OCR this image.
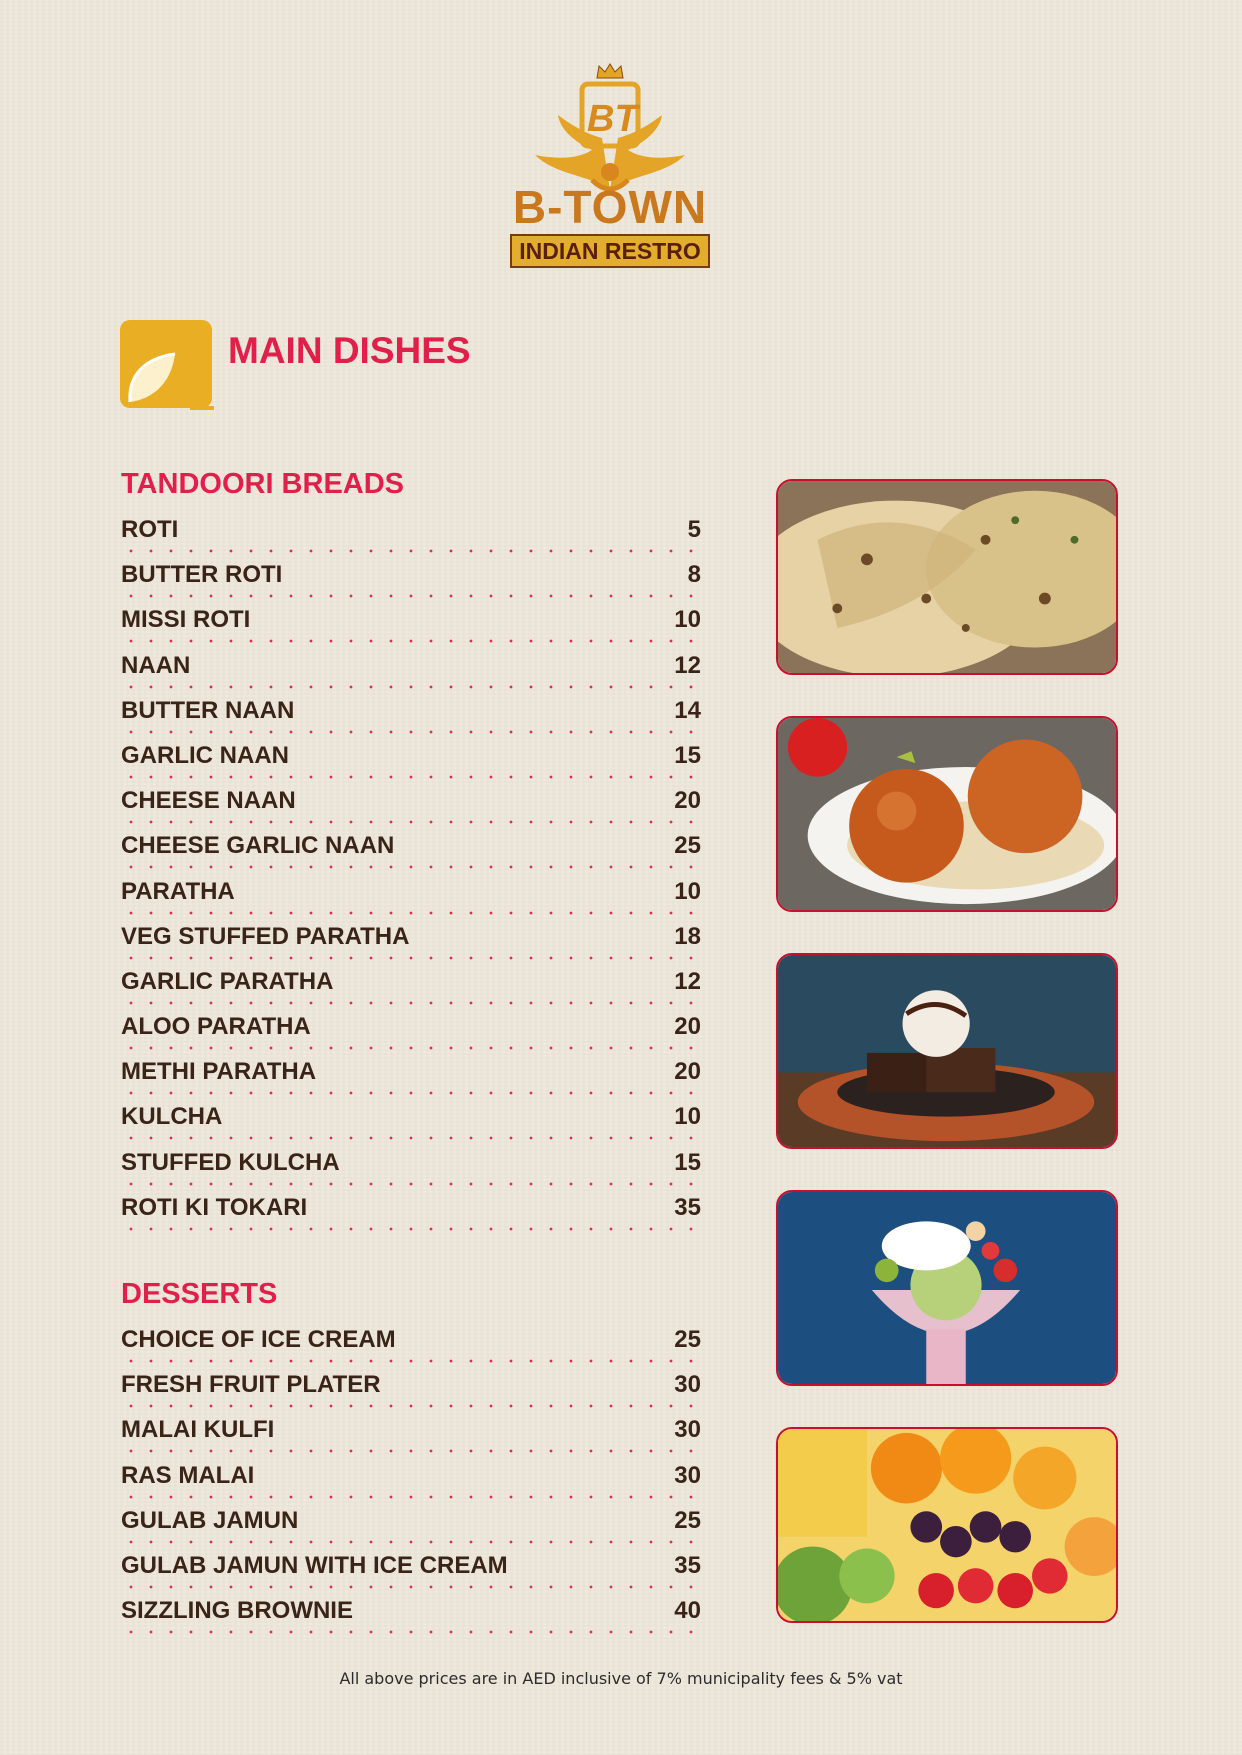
BT
B-TOWN
INDIAN RESTRO
MAIN DISHES
TANDOORI BREADS
ROTI	5
BUTTER ROTI	8
MISSI ROTI	10
NAAN	12
BUTTER NAAN	14
GARLIC NAAN	15
CHEESE NAAN	20
CHEESE GARLIC NAAN	25
PARATHA	10
VEG STUFFED PARATHA	18
GARLIC PARATHA	12
ALOO PARATHA	20
METHI PARATHA	20
KULCHA	10
STUFFED KULCHA	15
ROTI KI TOKARI	35
DESSERTS
CHOICE OF ICE CREAM	25
FRESH FRUIT PLATER	30
MALAI KULFI	30
RAS MALAI	30
GULAB JAMUN	25
GULAB JAMUN WITH ICE CREAM	35
SIZZLING BROWNIE	40
All above prices are in AED inclusive of 7% municipality fees & 5% vat
